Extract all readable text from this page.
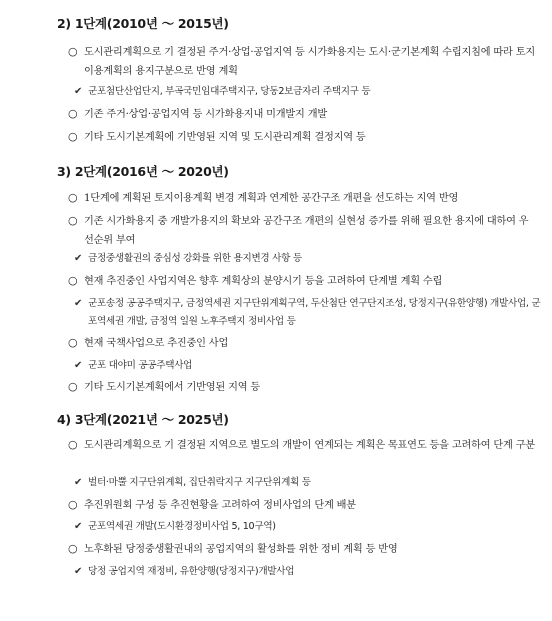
2) 1단계(2010년 ～ 2015년)
○ 도시관리계획으로 기 결정된 주거·상업·공업지역 등 시가화용지는 도시·군기본계획 수립지침에 따라 토지이용계획의 용지구분으로 반영 계획
✔ 군포첨단산업단지, 부곡국민임대주택지구, 당동2보금자리 주택지구 등
○ 기존 주거·상업·공업지역 등 시가화용지내 미개발지 개발
○ 기타 도시기본계획에 기반영된 지역 및 도시관리계획 결정지역 등
3) 2단계(2016년 ～ 2020년)
○ 1단계에 계획된 토지이용계획 변경 계획과 연계한 공간구조 개편을 선도하는 지역 반영
○ 기존 시가화용지 중 개발가용지의 확보와 공간구조 개편의 실현성 증가를 위해 필요한 용지에 대하여 우선순위 부여
✔ 금정중생활권의 중심성 강화를 위한 용지변경 사항 등
○ 현재 추진중인 사업지역은 향후 계획상의 분양시기 등을 고려하여 단계별 계획 수립
✔ 군포송정 공공주택지구, 금정역세권 지구단위계획구역, 두산첨단 연구단지조성, 당정지구(유한양행) 개발사업, 군포역세권 개발, 금정역 일원 노후주택지 정비사업 등
○ 현재 국책사업으로 추진중인 사업
✔ 군포 대야미 공공주택사업
○ 기타 도시기본계획에서 기반영된 지역 등
4) 3단계(2021년 ～ 2025년)
○ 도시관리계획으로 기 결정된 지역으로 별도의 개발이 연계되는 계획은 목표연도 등을 고려하여 단계 구분
✔ 벌터·마뿔 지구단위계획, 집단취락지구 지구단위계획 등
○ 추진위원회 구성 등 추진현황을 고려하여 정비사업의 단계 배분
✔ 군포역세권 개발(도시환경정비사업 5, 10구역)
○ 노후화된 당정중생활권내의 공업지역의 활성화를 위한 정비 계획 등 반영
✔ 당정 공업지역 재정비, 유한양행(당정지구)개발사업
